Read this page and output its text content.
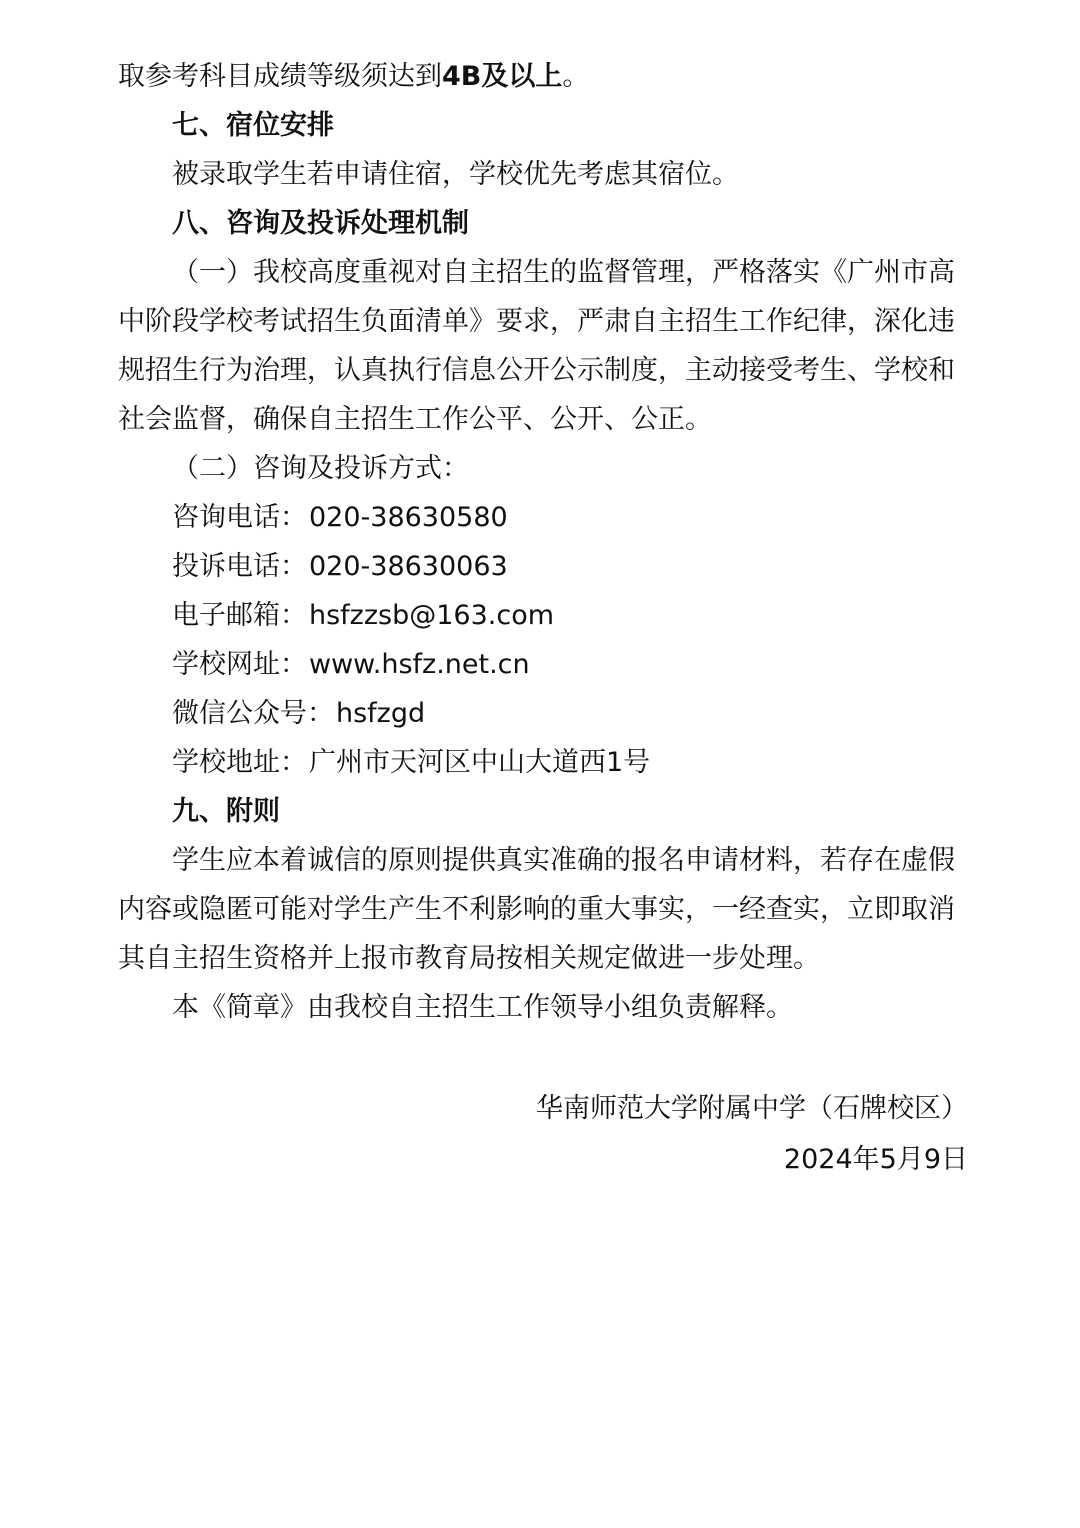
取参考科目成绩等级须达到4B及以上。
七、宿位安排
被录取学生若申请住宿，学校优先考虑其宿位。
八、咨询及投诉处理机制
（一）我校高度重视对自主招生的监督管理，严格落实《广州市高
中阶段学校考试招生负面清单》要求，严肃自主招生工作纪律，深化违
规招生行为治理，认真执行信息公开公示制度，主动接受考生、学校和
社会监督，确保自主招生工作公平、公开、公正。
（二）咨询及投诉方式：
咨询电话：020-38630580
投诉电话：020-38630063
电子邮箱：hsfzzsb@163.com
学校网址：www.hsfz.net.cn
微信公众号：hsfzgd
学校地址：广州市天河区中山大道西1号
九、附则
学生应本着诚信的原则提供真实准确的报名申请材料，若存在虚假
内容或隐匿可能对学生产生不利影响的重大事实，一经查实，立即取消
其自主招生资格并上报市教育局按相关规定做进一步处理。
本《简章》由我校自主招生工作领导小组负责解释。
华南师范大学附属中学（石牌校区）
2024年5月9日
